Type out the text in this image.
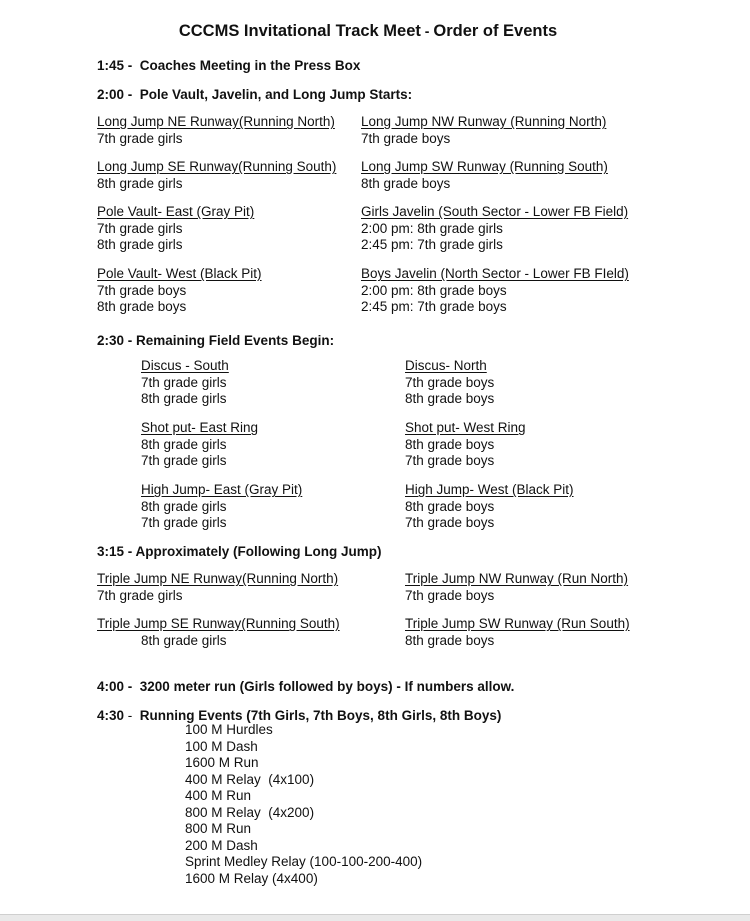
CCCMS Invitational Track Meet - Order of Events
1:45 -  Coaches Meeting in the Press Box
2:00 -  Pole Vault, Javelin, and Long Jump Starts:
Long Jump NE Runway(Running North)
7th grade girls
Long Jump SE Runway(Running South)
8th grade girls
Pole Vault- East (Gray Pit)
7th grade girls
8th grade girls
Pole Vault- West (Black Pit)
7th grade boys
8th grade boys
Long Jump NW Runway (Running North)
7th grade boys
Long Jump SW Runway (Running South)
8th grade boys
Girls Javelin (South Sector - Lower FB Field)
2:00 pm: 8th grade girls
2:45 pm: 7th grade girls
Boys Javelin (North Sector - Lower FB FIeld)
2:00 pm: 8th grade boys
2:45 pm: 7th grade boys
2:30 - Remaining Field Events Begin:
Discus - South
7th grade girls
8th grade girls
Shot put- East Ring
8th grade girls
7th grade girls
High Jump- East (Gray Pit)
8th grade girls
7th grade girls
Discus- North
7th grade boys
8th grade boys
Shot put- West Ring
8th grade boys
7th grade boys
High Jump- West (Black Pit)
8th grade boys
7th grade boys
3:15 - Approximately (Following Long Jump)
Triple Jump NE Runway(Running North)
7th grade girls
Triple Jump SE Runway(Running South)
8th grade girls
Triple Jump NW Runway (Run North)
7th grade boys
Triple Jump SW Runway (Run South)
8th grade boys
4:00 -  3200 meter run (Girls followed by boys) - If numbers allow.
4:30 -  Running Events (7th Girls, 7th Boys, 8th Girls, 8th Boys)
100 M Hurdles
100 M Dash
1600 M Run
400 M Relay  (4x100)
400 M Run
800 M Relay  (4x200)
800 M Run
200 M Dash
Sprint Medley Relay (100-100-200-400)
1600 M Relay (4x400)
